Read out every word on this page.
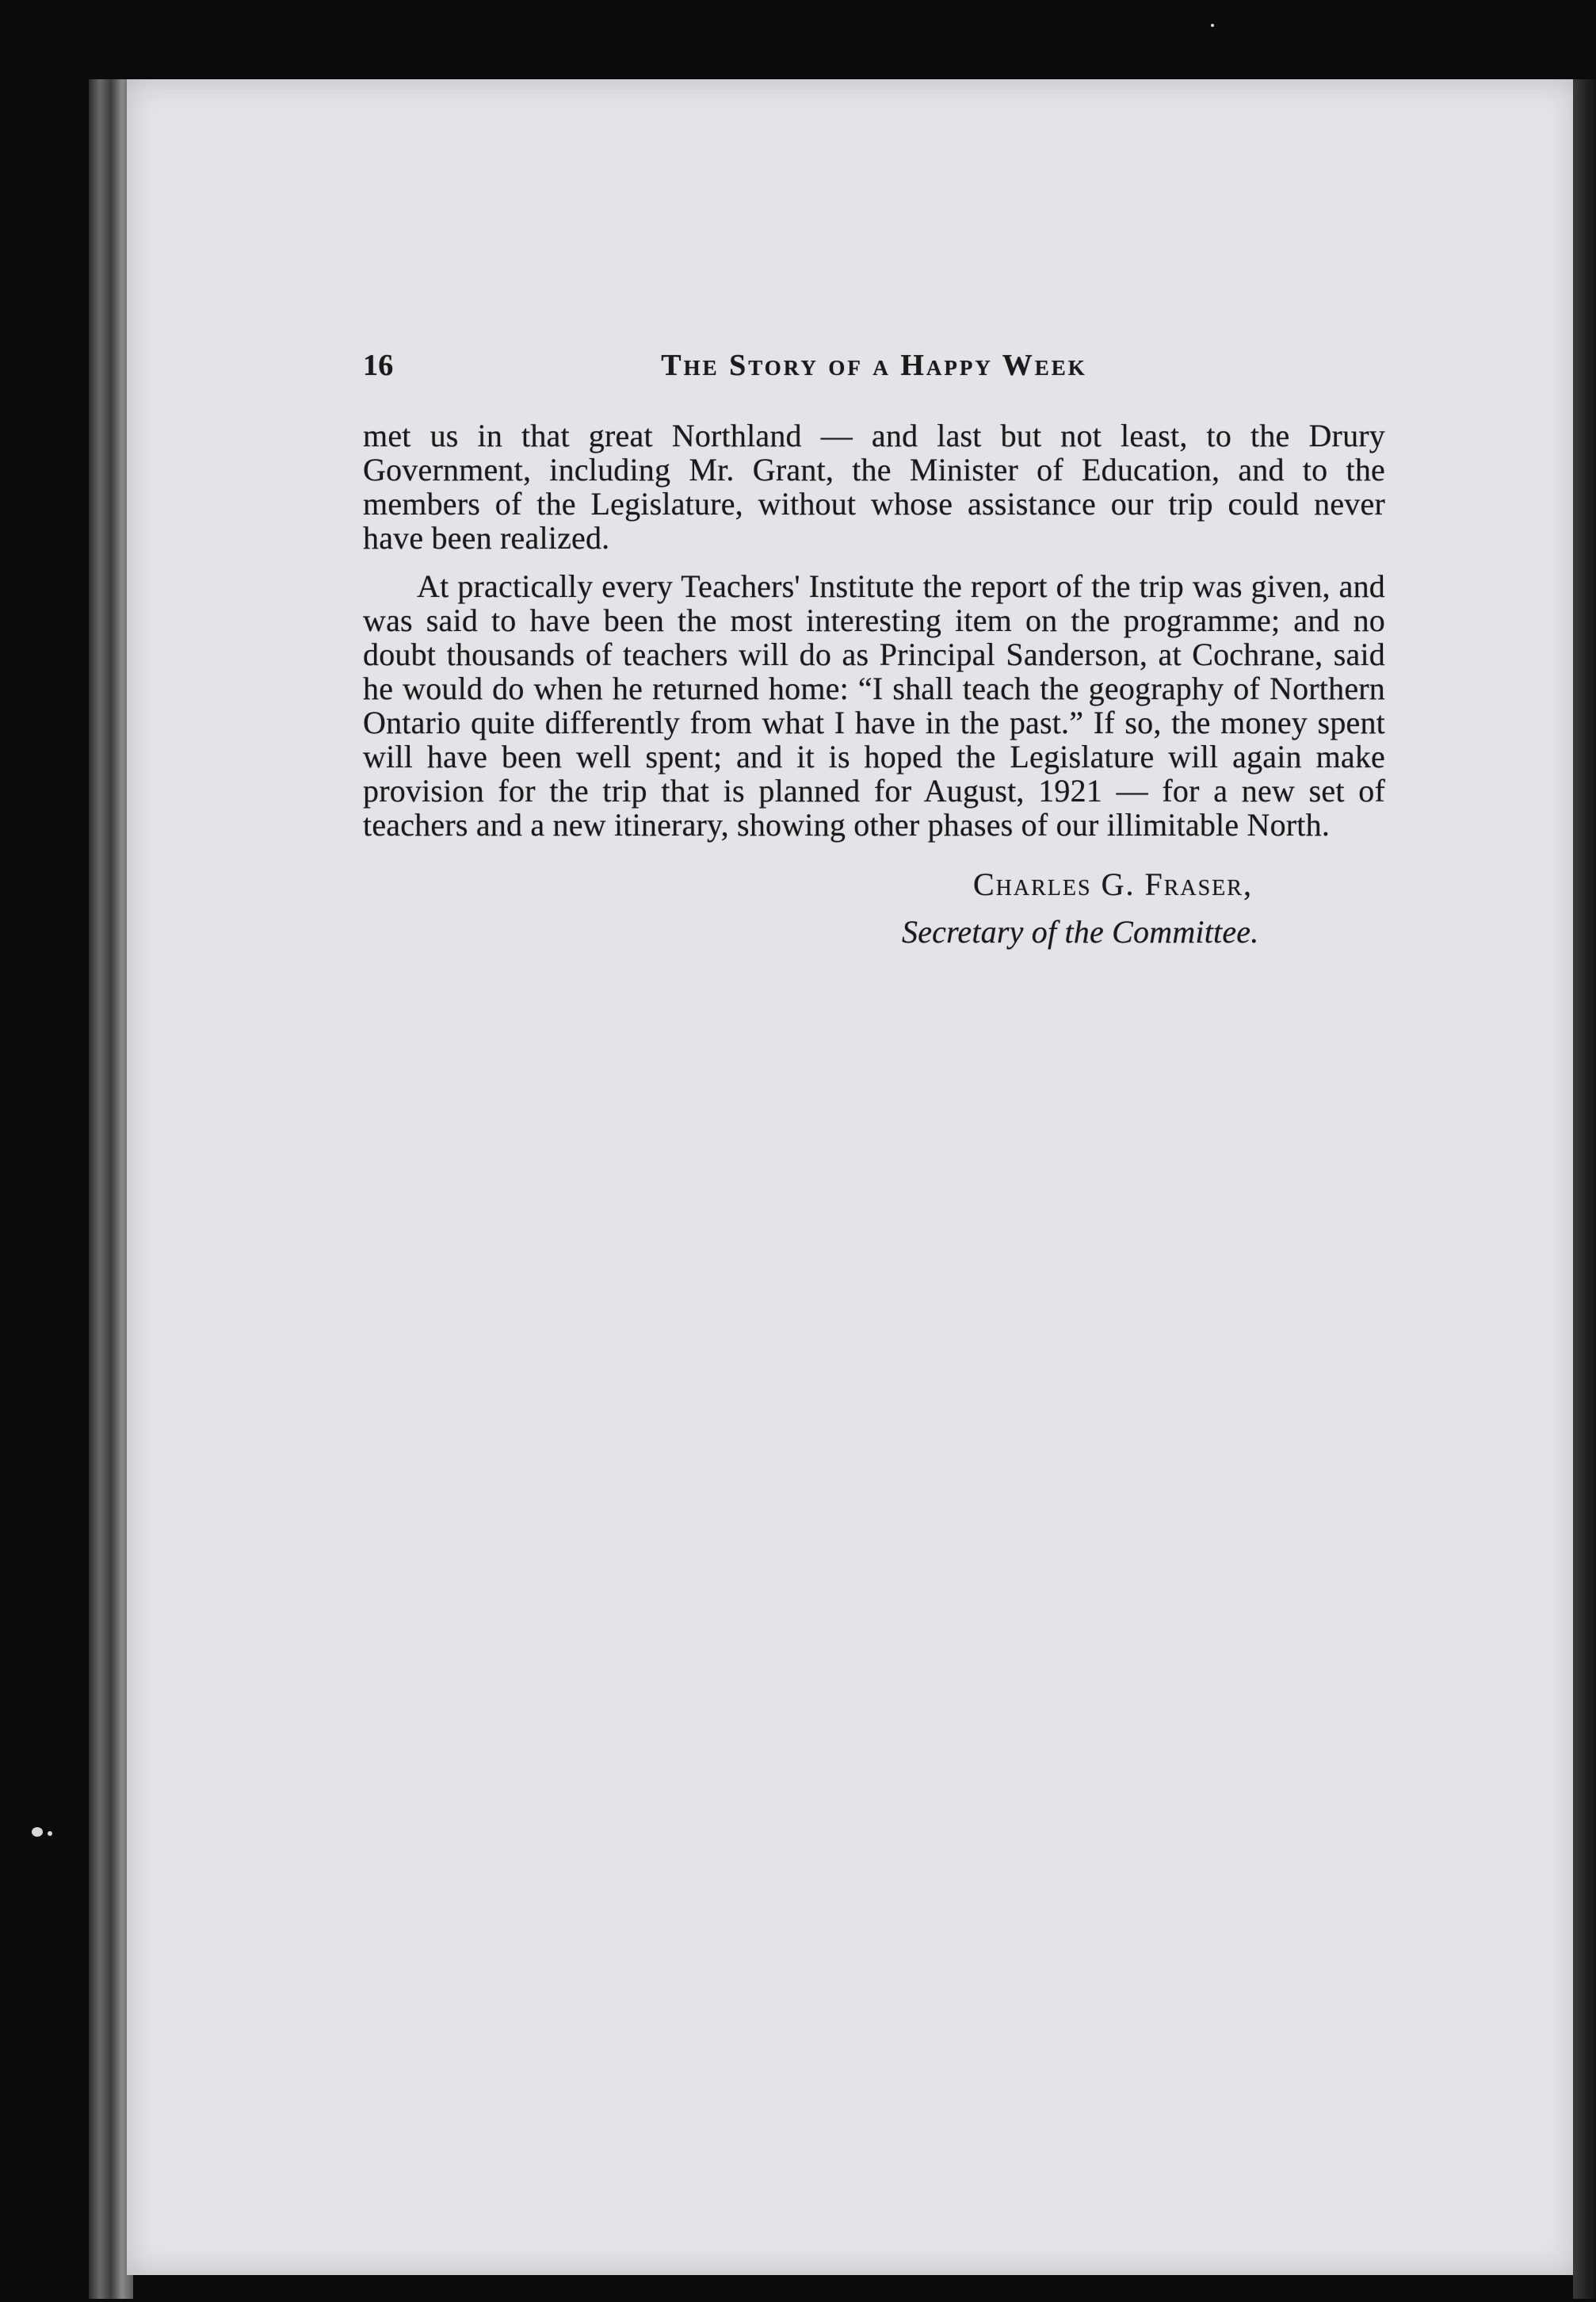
16	The Story of a Happy Week

met us in that great Northland — and last but not least, to the Drury Government, including Mr. Grant, the Minister of Education, and to the members of the Legislature, without whose assistance our trip could never have been realized.

At practically every Teachers' Institute the report of the trip was given, and was said to have been the most interesting item on the programme; and no doubt thousands of teachers will do as Principal Sanderson, at Cochrane, said he would do when he returned home: “I shall teach the geography of Northern Ontario quite differently from what I have in the past.” If so, the money spent will have been well spent; and it is hoped the Legislature will again make provision for the trip that is planned for August, 1921 — for a new set of teachers and a new itinerary, showing other phases of our illimitable North.

Charles G. Fraser,
Secretary of the Committee.
